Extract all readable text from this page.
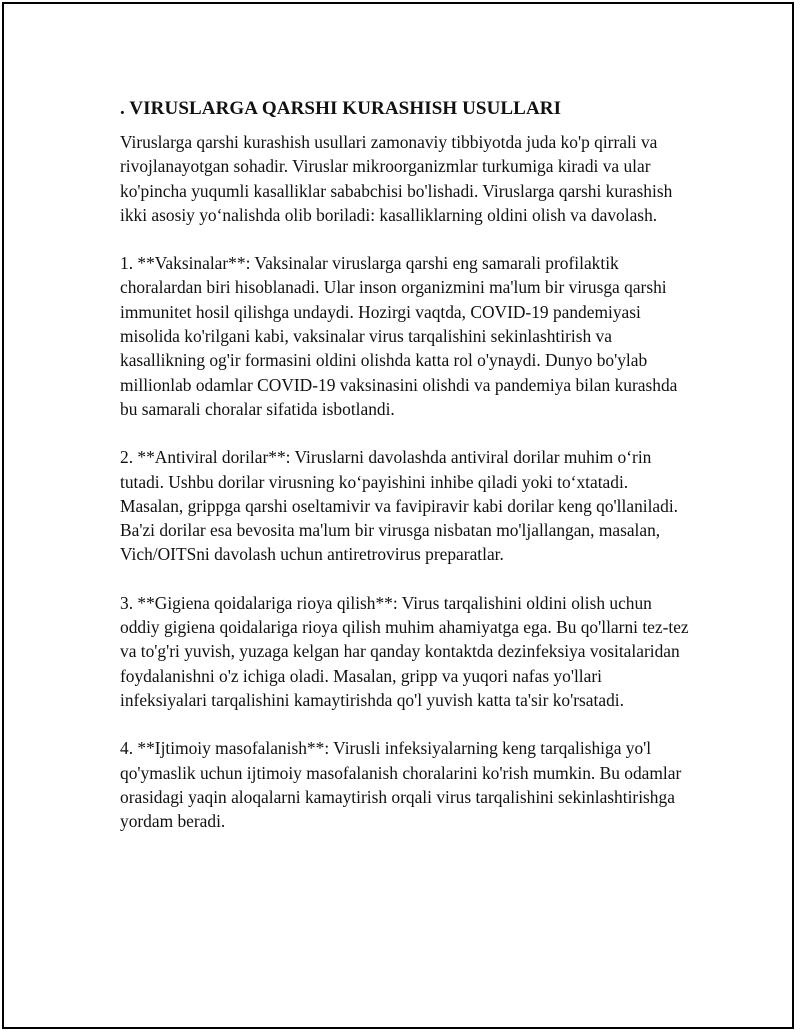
. VIRUSLARGA QARSHI KURASHISH USULLARI

Viruslarga qarshi kurashish usullari zamonaviy tibbiyotda juda ko'p qirrali va rivojlanayotgan sohadir. Viruslar mikroorganizmlar turkumiga kiradi va ular ko'pincha yuqumli kasalliklar sababchisi bo'lishadi. Viruslarga qarshi kurashish ikki asosiy yo‘nalishda olib boriladi: kasalliklarning oldini olish va davolash.

1. **Vaksinalar**: Vaksinalar viruslarga qarshi eng samarali profilaktik choralardan biri hisoblanadi. Ular inson organizmini ma'lum bir virusga qarshi immunitet hosil qilishga undaydi. Hozirgi vaqtda, COVID-19 pandemiyasi misolida ko'rilgani kabi, vaksinalar virus tarqalishini sekinlashtirish va kasallikning og'ir formasini oldini olishda katta rol o'ynaydi. Dunyo bo'ylab millionlab odamlar COVID-19 vaksinasini olishdi va pandemiya bilan kurashda bu samarali choralar sifatida isbotlandi.

2. **Antiviral dorilar**: Viruslarni davolashda antiviral dorilar muhim o‘rin tutadi. Ushbu dorilar virusning ko‘payishini inhibe qiladi yoki to‘xtatadi. Masalan, grippga qarshi oseltamivir va favipiravir kabi dorilar keng qo'llaniladi. Ba'zi dorilar esa bevosita ma'lum bir virusga nisbatan mo'ljallangan, masalan, Vich/OITSni davolash uchun antiretrovirus preparatlar.

3. **Gigiena qoidalariga rioya qilish**: Virus tarqalishini oldini olish uchun oddiy gigiena qoidalariga rioya qilish muhim ahamiyatga ega. Bu qo'llarni tez-tez va to'g'ri yuvish, yuzaga kelgan har qanday kontaktda dezinfeksiya vositalaridan foydalanishni o'z ichiga oladi. Masalan, gripp va yuqori nafas yo'llari infeksiyalari tarqalishini kamaytirishda qo'l yuvish katta ta'sir ko'rsatadi.

4. **Ijtimoiy masofalanish**: Virusli infeksiyalarning keng tarqalishiga yo'l qo'ymaslik uchun ijtimoiy masofalanish choralarini ko'rish mumkin. Bu odamlar orasidagi yaqin aloqalarni kamaytirish orqali virus tarqalishini sekinlashtirishga yordam beradi.
